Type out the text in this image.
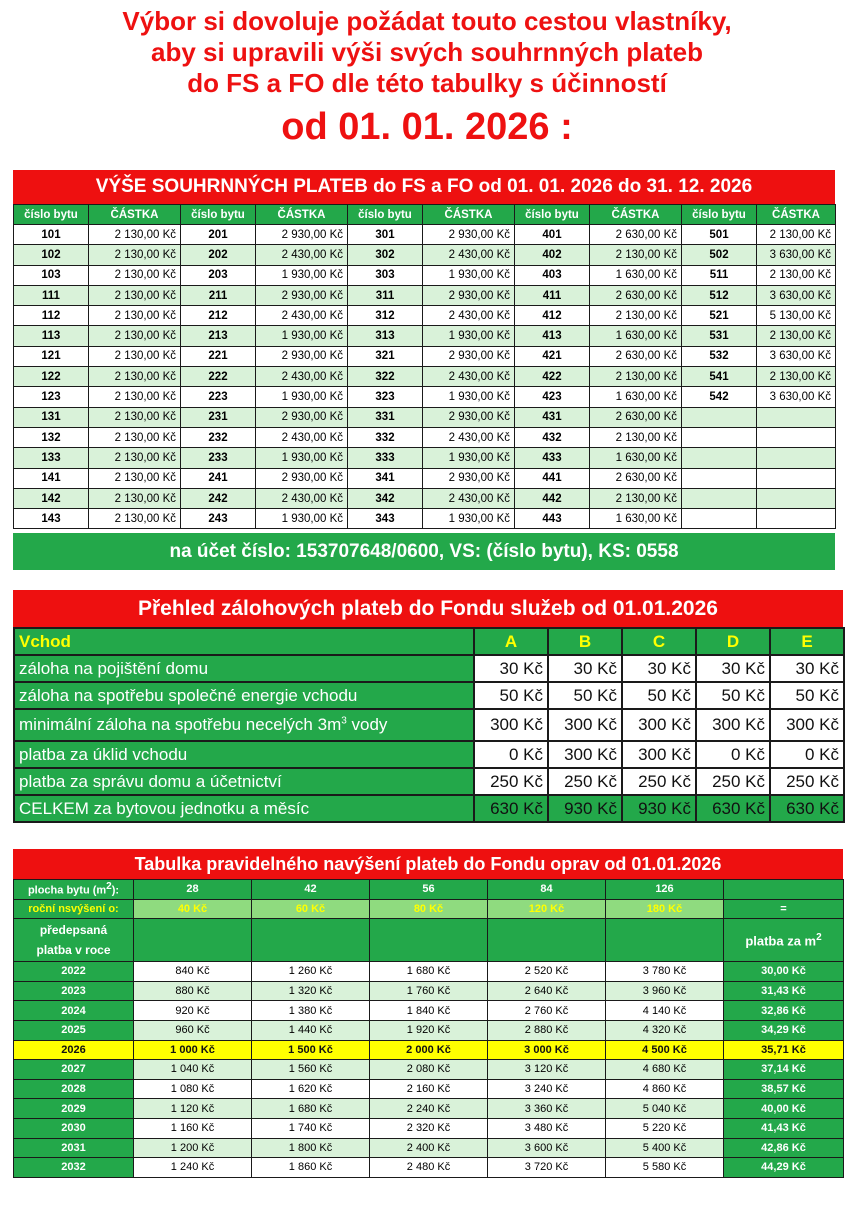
Výbor si dovoluje požádat touto cestou vlastníky,
aby si upravili výši svých souhrnných plateb
do FS a FO dle této tabulky s účinností
od 01. 01. 2026 :
VÝŠE SOUHRNNÝCH PLATEB do FS a FO od 01. 01. 2026 do 31. 12. 2026
číslo bytu	ČÁSTKA	číslo bytu	ČÁSTKA	číslo bytu	ČÁSTKA	číslo bytu	ČÁSTKA	číslo bytu	ČÁSTKA
101	2 130,00 Kč	201	2 930,00 Kč	301	2 930,00 Kč	401	2 630,00 Kč	501	2 130,00 Kč
102	2 130,00 Kč	202	2 430,00 Kč	302	2 430,00 Kč	402	2 130,00 Kč	502	3 630,00 Kč
103	2 130,00 Kč	203	1 930,00 Kč	303	1 930,00 Kč	403	1 630,00 Kč	511	2 130,00 Kč
111	2 130,00 Kč	211	2 930,00 Kč	311	2 930,00 Kč	411	2 630,00 Kč	512	3 630,00 Kč
112	2 130,00 Kč	212	2 430,00 Kč	312	2 430,00 Kč	412	2 130,00 Kč	521	5 130,00 Kč
113	2 130,00 Kč	213	1 930,00 Kč	313	1 930,00 Kč	413	1 630,00 Kč	531	2 130,00 Kč
121	2 130,00 Kč	221	2 930,00 Kč	321	2 930,00 Kč	421	2 630,00 Kč	532	3 630,00 Kč
122	2 130,00 Kč	222	2 430,00 Kč	322	2 430,00 Kč	422	2 130,00 Kč	541	2 130,00 Kč
123	2 130,00 Kč	223	1 930,00 Kč	323	1 930,00 Kč	423	1 630,00 Kč	542	3 630,00 Kč
131	2 130,00 Kč	231	2 930,00 Kč	331	2 930,00 Kč	431	2 630,00 Kč		
132	2 130,00 Kč	232	2 430,00 Kč	332	2 430,00 Kč	432	2 130,00 Kč		
133	2 130,00 Kč	233	1 930,00 Kč	333	1 930,00 Kč	433	1 630,00 Kč		
141	2 130,00 Kč	241	2 930,00 Kč	341	2 930,00 Kč	441	2 630,00 Kč		
142	2 130,00 Kč	242	2 430,00 Kč	342	2 430,00 Kč	442	2 130,00 Kč		
143	2 130,00 Kč	243	1 930,00 Kč	343	1 930,00 Kč	443	1 630,00 Kč		
na účet číslo: 153707648/0600, VS: (číslo bytu), KS: 0558
Přehled zálohových plateb do Fondu služeb od 01.01.2026
Vchod	A	B	C	D	E
záloha na pojištění domu	30 Kč	30 Kč	30 Kč	30 Kč	30 Kč
záloha na spotřebu společné energie vchodu	50 Kč	50 Kč	50 Kč	50 Kč	50 Kč
minimální záloha na spotřebu necelých $3m^3$ vody	300 Kč	300 Kč	300 Kč	300 Kč	300 Kč
platba za úklid vchodu	0 Kč	300 Kč	300 Kč	0 Kč	0 Kč
platba za správu domu a účetnictví	250 Kč	250 Kč	250 Kč	250 Kč	250 Kč
CELKEM za bytovou jednotku a měsíc	630 Kč	930 Kč	930 Kč	630 Kč	630 Kč
Tabulka pravidelného navýšení plateb do Fondu oprav od 01.01.2026
plocha bytu $(m^2)$:	28	42	56	84	126	
roční nsvýšení o:	40 Kč	60 Kč	80 Kč	120 Kč	180 Kč	=

předepsaná
platba v roce						platba za $m^2$
2022	840 Kč	1 260 Kč	1 680 Kč	2 520 Kč	3 780 Kč	30,00 Kč
2023	880 Kč	1 320 Kč	1 760 Kč	2 640 Kč	3 960 Kč	31,43 Kč
2024	920 Kč	1 380 Kč	1 840 Kč	2 760 Kč	4 140 Kč	32,86 Kč
2025	960 Kč	1 440 Kč	1 920 Kč	2 880 Kč	4 320 Kč	34,29 Kč
2026	1 000 Kč	1 500 Kč	2 000 Kč	3 000 Kč	4 500 Kč	35,71 Kč
2027	1 040 Kč	1 560 Kč	2 080 Kč	3 120 Kč	4 680 Kč	37,14 Kč
2028	1 080 Kč	1 620 Kč	2 160 Kč	3 240 Kč	4 860 Kč	38,57 Kč
2029	1 120 Kč	1 680 Kč	2 240 Kč	3 360 Kč	5 040 Kč	40,00 Kč
2030	1 160 Kč	1 740 Kč	2 320 Kč	3 480 Kč	5 220 Kč	41,43 Kč
2031	1 200 Kč	1 800 Kč	2 400 Kč	3 600 Kč	5 400 Kč	42,86 Kč
2032	1 240 Kč	1 860 Kč	2 480 Kč	3 720 Kč	5 580 Kč	44,29 Kč
